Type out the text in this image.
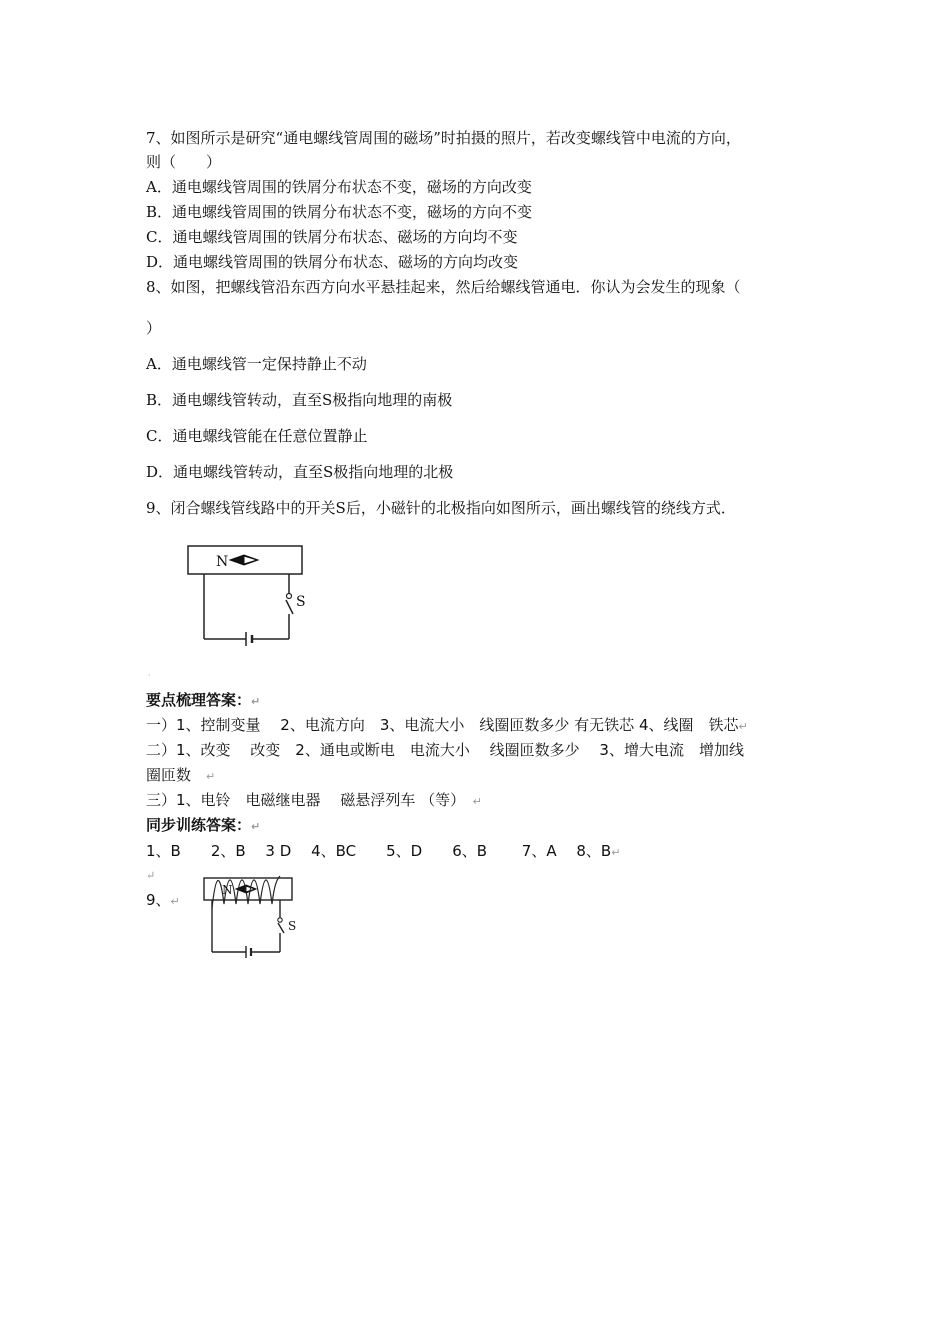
7、如图所示是研究“通电螺线管周围的磁场”时拍摄的照片，若改变螺线管中电流的方向，
则（　　）
A．通电螺线管周围的铁屑分布状态不变，磁场的方向改变
B．通电螺线管周围的铁屑分布状态不变，磁场的方向不变
C．通电螺线管周围的铁屑分布状态、磁场的方向均不变
D．通电螺线管周围的铁屑分布状态、磁场的方向均改变
8、如图，把螺线管沿东西方向水平悬挂起来，然后给螺线管通电．你认为会发生的现象（
）
A．通电螺线管一定保持静止不动
B．通电螺线管转动，直至S极指向地理的南极
C．通电螺线管能在任意位置静止
D．通电螺线管转动，直至S极指向地理的北极
9、闭合螺线管线路中的开关S后，小磁针的北极指向如图所示，画出螺线管的绕线方式．
N
S
·
要点梳理答案：↵
一）1、控制变量　 2、电流方向　3、电流大小　线圈匝数多少 有无铁芯 4、线圈　铁芯↵
二）1、改变　 改变　2、通电或断电　电流大小　 线圈匝数多少　 3、增大电流　增加线
圈匝数　 ↵
三）1、电铃　电磁继电器　 磁悬浮列车 （等）　 ↵
同步训练答案：↵
1、B　　2、B　 3 D　 4、BC　　5、D　　6、B　　 7、A　 8、B↵
↵
9、↵
N
S
